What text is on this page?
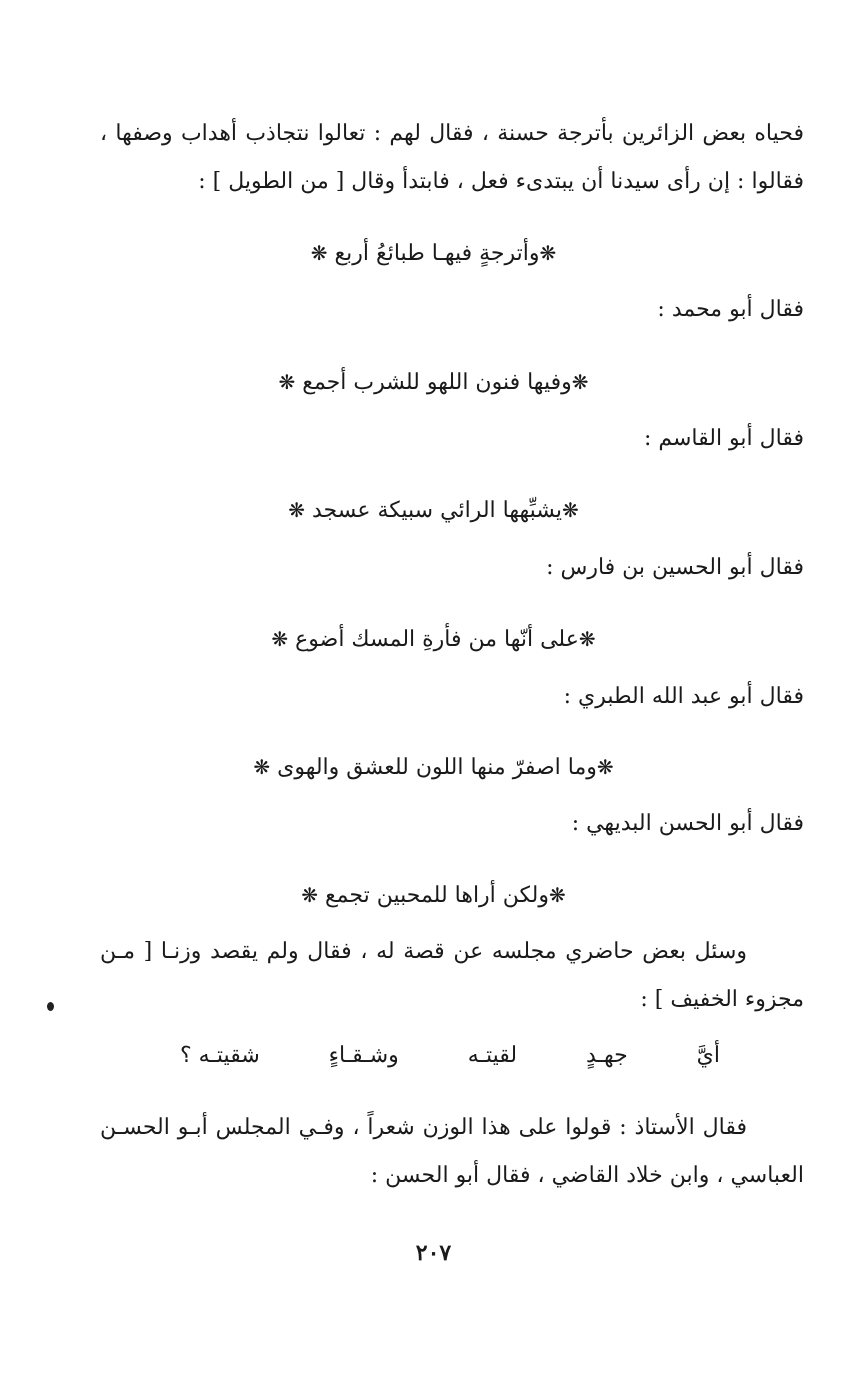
فحياه بعض الزائرين بأترجة حسنة ، فقال لهم : تعالوا نتجاذب أهداب وصفها ،
فقالوا : إن رأى سيدنا أن يبتدىء فعل ، فابتدأ وقال [ من الطويل ] :
❋وأترجةٍ فيهـا طبائعُ أربع ❋
فقال أبو محمد :
❋وفيها فنون اللهو للشرب أجمع ❋
فقال أبو القاسم :
❋يشبِّهها الرائي سبيكة عسجد ❋
فقال أبو الحسين بن فارس :
❋على أنّها من فأرةِ المسك أضوع ❋
فقال أبو عبد الله الطبري :
❋وما اصفرّ منها اللون للعشق والهوى ❋
فقال أبو الحسن البديهي :
❋ولكن أراها للمحبين تجمع ❋
وسئل بعض حاضري مجلسه عن قصة له ، فقال ولم يقصد وزنـا [ مـن
مجزوء الخفيف ] :
أيَّ
جهـدٍ
لقيتـه
وشـقـاءٍ
شقيتـه ؟
فقال الأستاذ : قولوا على هذا الوزن شعراً ، وفـي المجلس أبـو الحسـن
العباسي ، وابن خلاد القاضي ، فقال أبو الحسن :
٢٠٧
